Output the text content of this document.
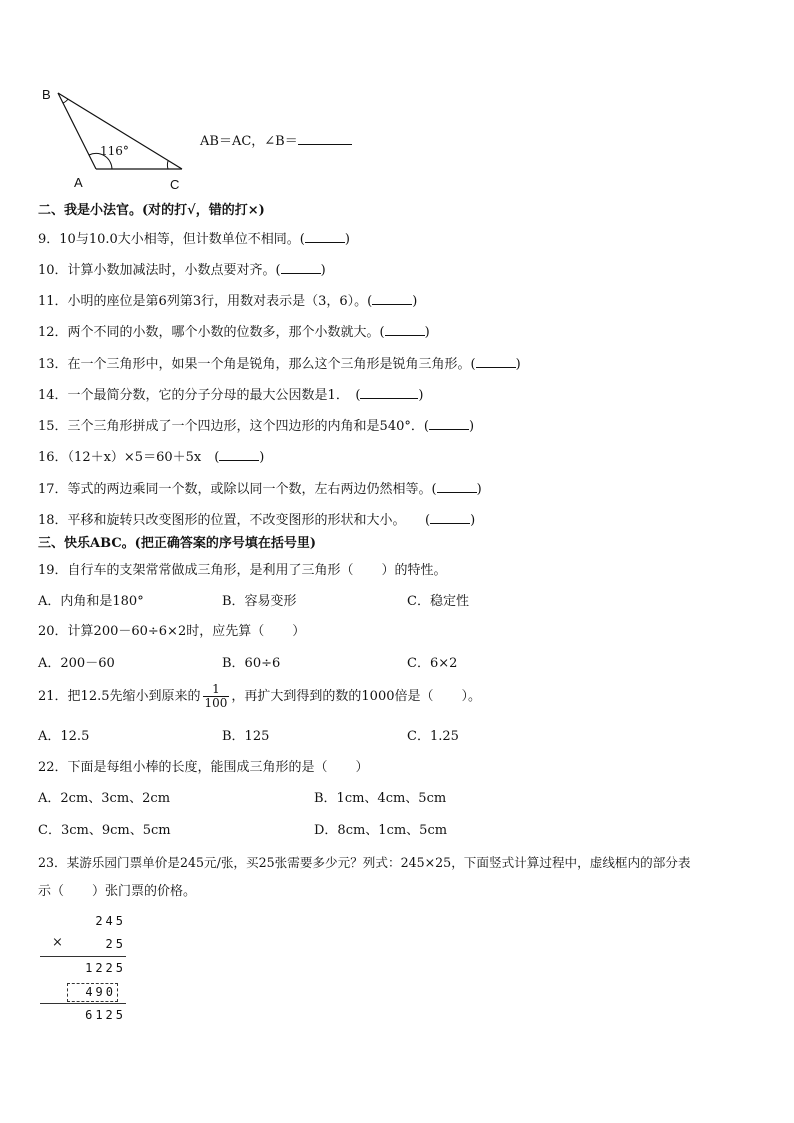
B
A	C
116°
AB＝AC，∠B＝
二、我是小法官。(对的打√，错的打×)
9．10与10.0大小相等，但计数单位不相同。(	)
10．计算小数加减法时，小数点要对齐。(	)
11．小明的座位是第6列第3行，用数对表示是（3，6）。(	)
12．两个不同的小数，哪个小数的位数多，那个小数就大。(	)
13．在一个三角形中，如果一个角是锐角，那么这个三角形是锐角三角形。(	)
14．一个最简分数，它的分子分母的最大公因数是1．　(	)
15．三个三角形拼成了一个四边形，这个四边形的内角和是540°．(	)
16．（12＋x）×5＝60＋5x　(	)
17．等式的两边乘同一个数，或除以同一个数，左右两边仍然相等。(	)
18．平移和旋转只改变图形的位置，不改变图形的形状和大小。　　(	)
三、快乐ABC。(把正确答案的序号填在括号里)
19．自行车的支架常常做成三角形，是利用了三角形（ ）的特性。
A．内角和是180°	B．容易变形	C．稳定性
20．计算200－60÷6×2时，应先算（ ）
A．200－60	B．60÷6	C．6×2
21．把12.5先缩小到原来的 $\frac{1}{100}$ ，再扩大到得到的数的1000倍是（ ）。
A．12.5	B．125	C．1.25
22．下面是每组小棒的长度，能围成三角形的是（ ）
A．2cm、3cm、2cm	B．1cm、4cm、5cm
C．3cm、9cm、5cm	D．8cm、1cm、5cm
23．某游乐园门票单价是245元/张，买25张需要多少元？列式：245×25，下面竖式计算过程中，虚线框内的部分表
示（ ）张门票的价格。
245
×	25
1225
490
6125
